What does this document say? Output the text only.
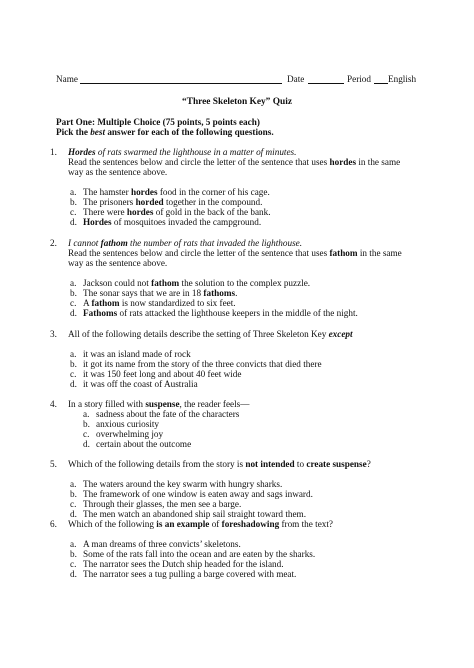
Name	Date	Period English
“Three Skeleton Key” Quiz
Part One: Multiple Choice (75 points, 5 points each)
Pick the best answer for each of the following questions.
1. Hordes of rats swarmed the lighthouse in a matter of minutes.
Read the sentences below and circle the letter of the sentence that uses hordes in the same
way as the sentence above.
a. The hamster hordes food in the corner of his cage.
b. The prisoners horded together in the compound.
c. There were hordes of gold in the back of the bank.
d. Hordes of mosquitoes invaded the campground.
2. I cannot fathom the number of rats that invaded the lighthouse.
Read the sentences below and circle the letter of the sentence that uses fathom in the same
way as the sentence above.
a. Jackson could not fathom the solution to the complex puzzle.
b. The sonar says that we are in 18 fathoms.
c. A fathom is now standardized to six feet.
d. Fathoms of rats attacked the lighthouse keepers in the middle of the night.
3. All of the following details describe the setting of Three Skeleton Key except
a. it was an island made of rock
b. it got its name from the story of the three convicts that died there
c. it was 150 feet long and about 40 feet wide
d. it was off the coast of Australia
4. In a story filled with suspense, the reader feels—
a. sadness about the fate of the characters
b. anxious curiosity
c. overwhelming joy
d. certain about the outcome
5. Which of the following details from the story is not intended to create suspense?
a. The waters around the key swarm with hungry sharks.
b. The framework of one window is eaten away and sags inward.
c. Through their glasses, the men see a barge.
d. The men watch an abandoned ship sail straight toward them.
6. Which of the following is an example of foreshadowing from the text?
a. A man dreams of three convicts’ skeletons.
b. Some of the rats fall into the ocean and are eaten by the sharks.
c. The narrator sees the Dutch ship headed for the island.
d. The narrator sees a tug pulling a barge covered with meat.
